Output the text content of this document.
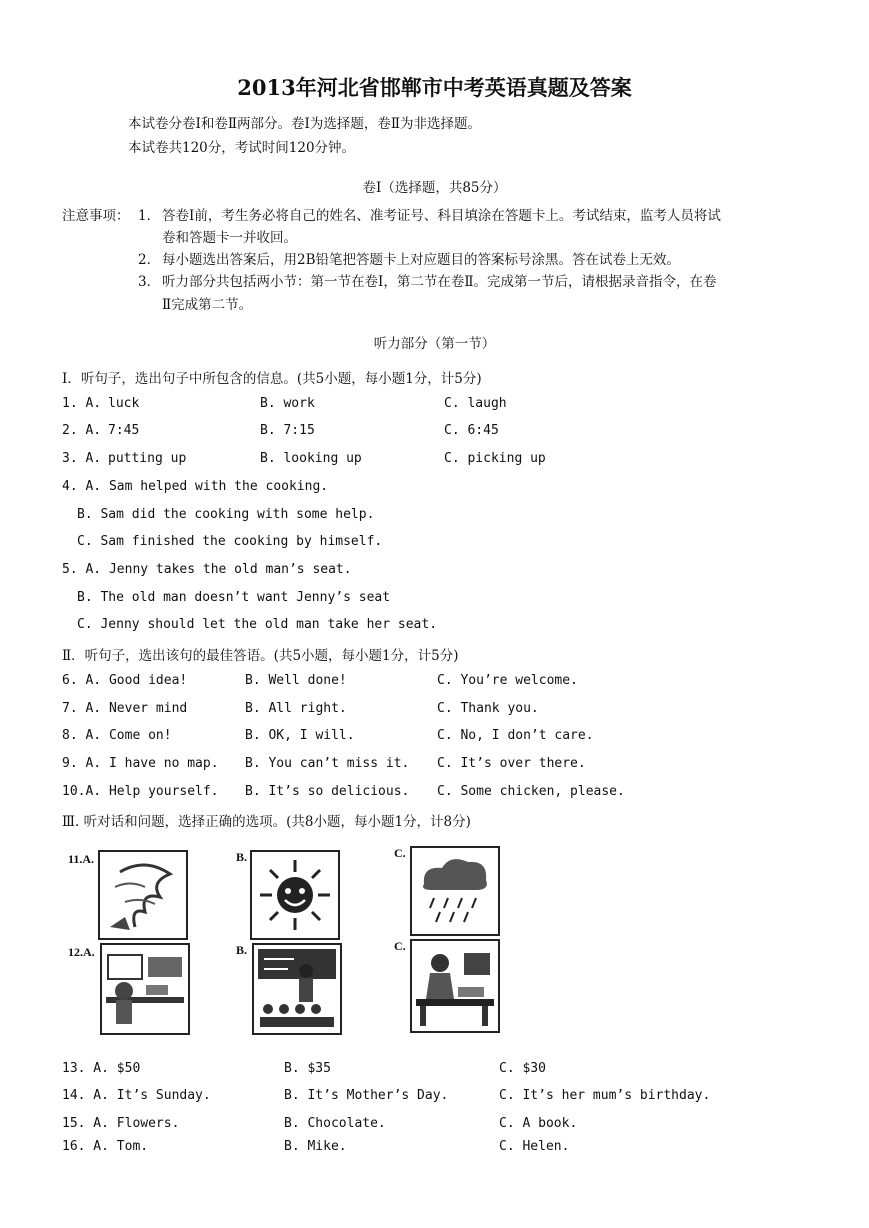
2013年河北省邯郸市中考英语真题及答案
本试卷分卷Ⅰ和卷Ⅱ两部分。卷Ⅰ为选择题，卷Ⅱ为非选择题。
本试卷共120分，考试时间120分钟。
卷Ⅰ（选择题，共85分）
注意事项： 1． 答卷Ⅰ前，考生务必将自己的姓名、准考证号、科目填涂在答题卡上。考试结束，监考人员将试
卷和答题卡一并收回。
2． 每小题选出答案后，用2B铅笔把答题卡上对应题目的答案标号涂黑。答在试卷上无效。
3． 听力部分共包括两小节：第一节在卷Ⅰ，第二节在卷Ⅱ。完成第一节后，请根据录音指令，在卷
Ⅱ完成第二节。
听力部分（第一节）
Ⅰ．听句子，选出句子中所包含的信息。(共5小题，每小题1分，计5分)
1. A. luck	B. work	C. laugh
2. A. 7:45	B. 7:15	C. 6:45
3. A. putting up	B. looking up	C. picking up
4. A. Sam helped with the cooking.
B. Sam did the cooking with some help.
C. Sam finished the cooking by himself.
5. A. Jenny takes the old man’s seat.
B. The old man doesn’t want Jenny’s seat
C. Jenny should let the old man take her seat.
Ⅱ．听句子，选出该句的最佳答语。(共5小题，每小题1分，计5分)
6. A. Good idea!	B. Well done!	C. You’re welcome.
7. A. Never mind	B. All right.	C. Thank you.
8. A. Come on!	B. OK, I will.	C. No, I don’t care.
9. A. I have no map. B. You can’t miss it. C. It’s over there.
10.A. Help yourself. B. It’s so delicious. C. Some chicken, please.
Ⅲ. 听对话和问题，选择正确的选项。(共8小题，每小题1分，计8分)
11.A.	B.	C.
12.A.	B.	C.
13. A. $50	B. $35	C. $30
14. A. It’s Sunday.	B. It’s Mother’s Day.	C. It’s her mum’s birthday.
15. A. Flowers.	B. Chocolate.	C. A book.
16. A. Tom.	B. Mike.	C. Helen.
